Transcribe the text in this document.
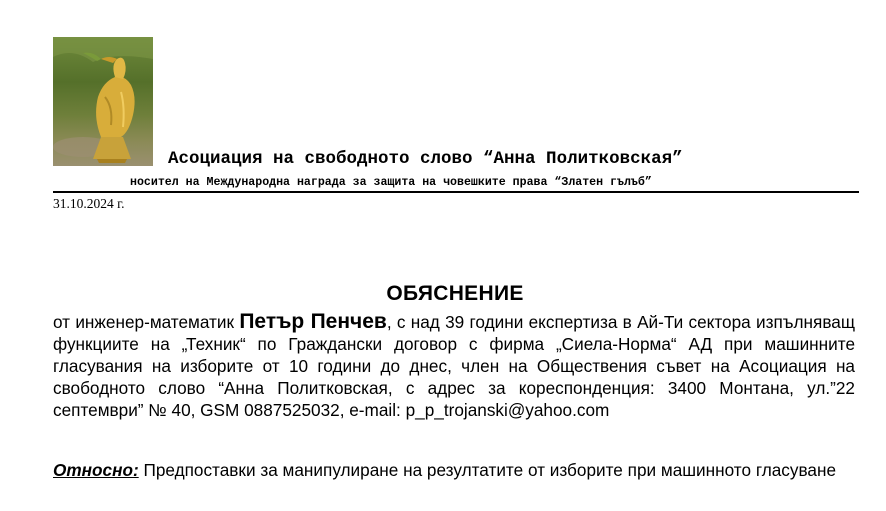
Асоциация на свободното слово “Анна Политковская”
носител на Международна награда за защита на човешките права “Златен гълъб”
31.10.2024 г.
ОБЯСНЕНИЕ
от инженер-математик Петър Пенчев, с над 39 години експертиза в Ай-Ти сектора изпълняващ функциите на „Техник“ по Граждански договор с фирма „Сиела-Норма“ АД при машинните гласувания на изборите от 10 години до днес, член на Обществения съвет на Асоциация на свободното слово “Анна Политковская, с адрес за кореспонденция: 3400 Монтана, ул.”22 септември” № 40, GSM 0887525032, e-mail: p_p_trojanski@yahoo.com
Относно: Предпоставки за манипулиране на резултатите от изборите при машинното гласуване
